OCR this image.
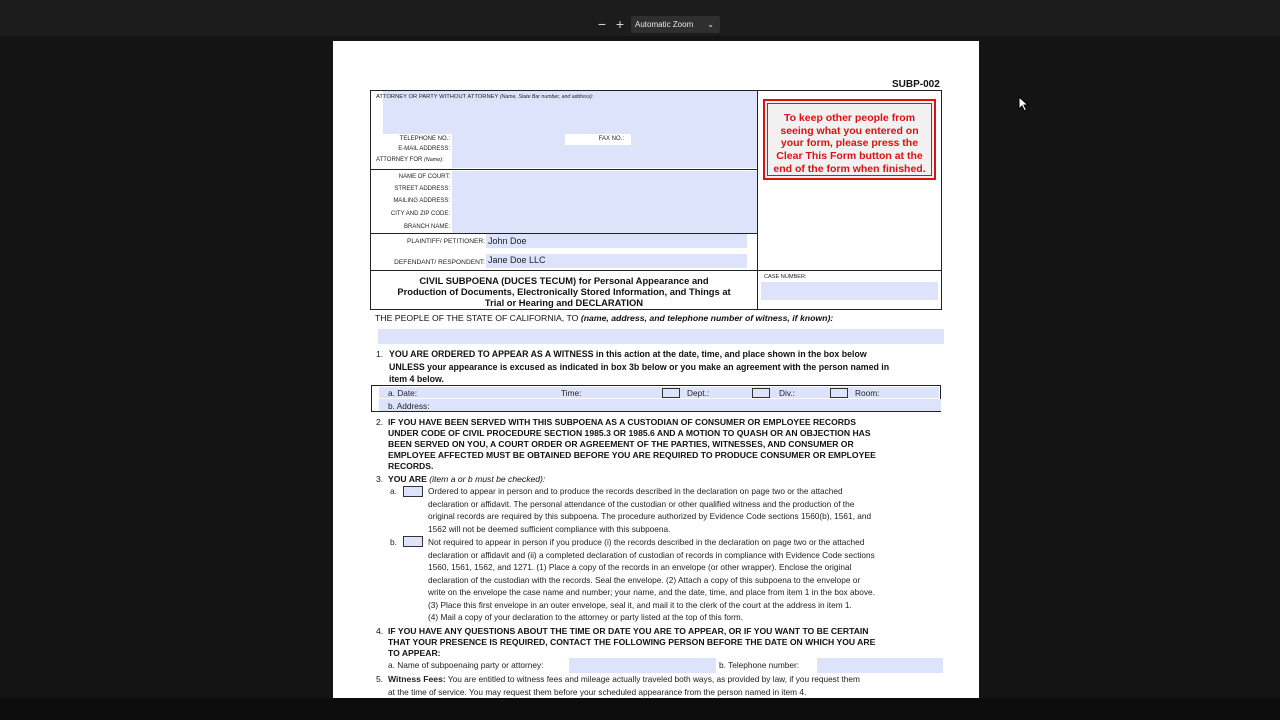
− +	Automatic Zoom ⌄
SUBP-002
ATTORNEY OR PARTY WITHOUT ATTORNEY (Name, State Bar number, and address):
TELEPHONE NO.:	FAX NO.:
E-MAIL ADDRESS:
ATTORNEY FOR (Name):
NAME OF COURT:
STREET ADDRESS:
MAILING ADDRESS:
CITY AND ZIP CODE:
BRANCH NAME:
PLAINTIFF/ PETITIONER: John Doe
DEFENDANT/ RESPONDENT: Jane Doe LLC
CIVIL SUBPOENA (DUCES TECUM) for Personal Appearance and
Production of Documents, Electronically Stored Information, and Things at
Trial or Hearing and DECLARATION
CASE NUMBER:
To keep other people from
seeing what you entered on
your form, please press the
Clear This Form button at the
end of the form when finished.
THE PEOPLE OF THE STATE OF CALIFORNIA, TO (name, address, and telephone number of witness, if known):
1. YOU ARE ORDERED TO APPEAR AS A WITNESS in this action at the date, time, and place shown in the box below
UNLESS your appearance is excused as indicated in box 3b below or you make an agreement with the person named in
item 4 below.
a. Date:	Time:	Dept.:	Div.:	Room:
b. Address:
2. IF YOU HAVE BEEN SERVED WITH THIS SUBPOENA AS A CUSTODIAN OF CONSUMER OR EMPLOYEE RECORDS
UNDER CODE OF CIVIL PROCEDURE SECTION 1985.3 OR 1985.6 AND A MOTION TO QUASH OR AN OBJECTION HAS
BEEN SERVED ON YOU, A COURT ORDER OR AGREEMENT OF THE PARTIES, WITNESSES, AND CONSUMER OR
EMPLOYEE AFFECTED MUST BE OBTAINED BEFORE YOU ARE REQUIRED TO PRODUCE CONSUMER OR EMPLOYEE
RECORDS.
3. YOU ARE (item a or b must be checked):
a.	Ordered to appear in person and to produce the records described in the declaration on page two or the attached
declaration or affidavit. The personal attendance of the custodian or other qualified witness and the production of the
original records are required by this subpoena. The procedure authorized by Evidence Code sections 1560(b), 1561, and
1562 will not be deemed sufficient compliance with this subpoena.
b.	Not required to appear in person if you produce (i) the records described in the declaration on page two or the attached
declaration or affidavit and (ii) a completed declaration of custodian of records in compliance with Evidence Code sections
1560, 1561, 1562, and 1271. (1) Place a copy of the records in an envelope (or other wrapper). Enclose the original
declaration of the custodian with the records. Seal the envelope. (2) Attach a copy of this subpoena to the envelope or
write on the envelope the case name and number; your name, and the date, time, and place from item 1 in the box above.
(3) Place this first envelope in an outer envelope, seal it, and mail it to the clerk of the court at the address in item 1.
(4) Mail a copy of your declaration to the attorney or party listed at the top of this form.
4. IF YOU HAVE ANY QUESTIONS ABOUT THE TIME OR DATE YOU ARE TO APPEAR, OR IF YOU WANT TO BE CERTAIN
THAT YOUR PRESENCE IS REQUIRED, CONTACT THE FOLLOWING PERSON BEFORE THE DATE ON WHICH YOU ARE
TO APPEAR:
a. Name of subpoenaing party or attorney:	b. Telephone number:
5. Witness Fees: You are entitled to witness fees and mileage actually traveled both ways, as provided by law, if you request them
at the time of service. You may request them before your scheduled appearance from the person named in item 4.
